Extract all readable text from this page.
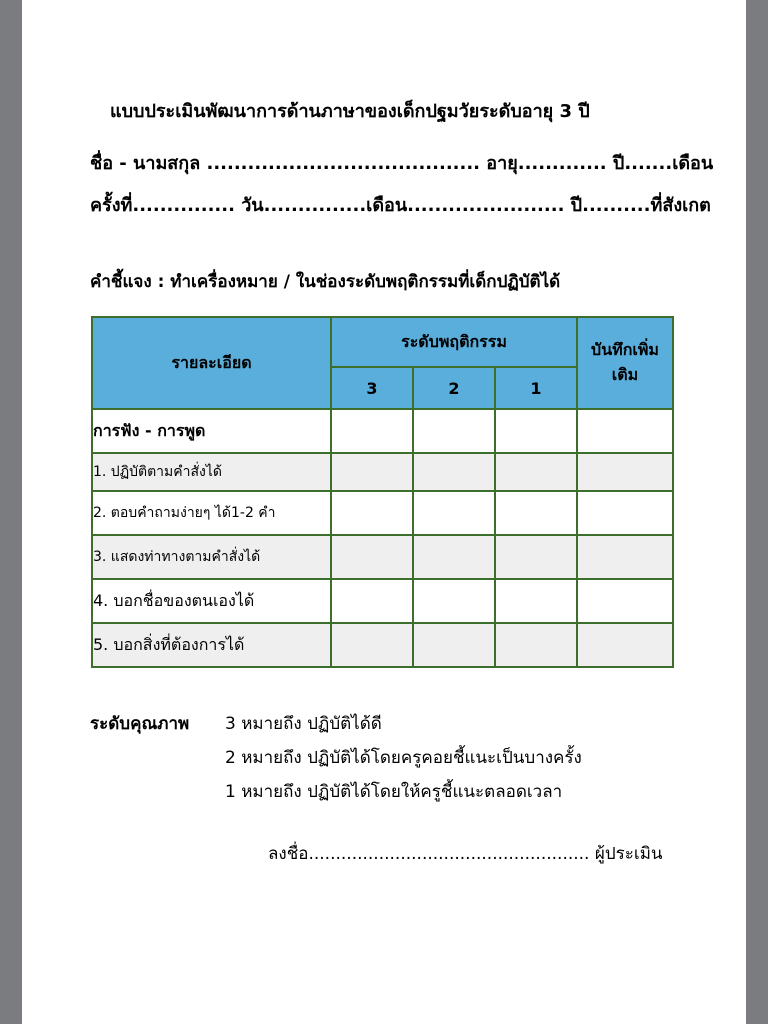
แบบประเมินพัฒนาการด้านภาษาของเด็กปฐมวัยระดับอายุ 3 ปี
ชื่อ - นามสกุล ........................................ อายุ............. ปี.......เดือน
ครั้งที่............... วัน...............เดือน....................... ปี..........ที่สังเกต
คำชี้แจง : ทำเครื่องหมาย / ในช่องระดับพฤติกรรมที่เด็กปฏิบัติได้
รายละเอียด	ระดับพฤติกรรม			บันทึกเพิ่มเติม
	3	2	1	
การฟัง - การพูด				
1. ปฏิบัติตามคำสั่งได้				
2. ตอบคำถามง่ายๆ ได้1-2 คำ				
3. แสดงท่าทางตามคำสั่งได้				
4. บอกชื่อของตนเองได้				
5. บอกสิ่งที่ต้องการได้				
ระดับคุณภาพ 3 หมายถึง ปฏิบัติได้ดี
2 หมายถึง ปฏิบัติได้โดยครูคอยชี้แนะเป็นบางครั้ง
1 หมายถึง ปฏิบัติได้โดยให้ครูชี้แนะตลอดเวลา
ลงชื่อ.................................................... ผู้ประเมิน
